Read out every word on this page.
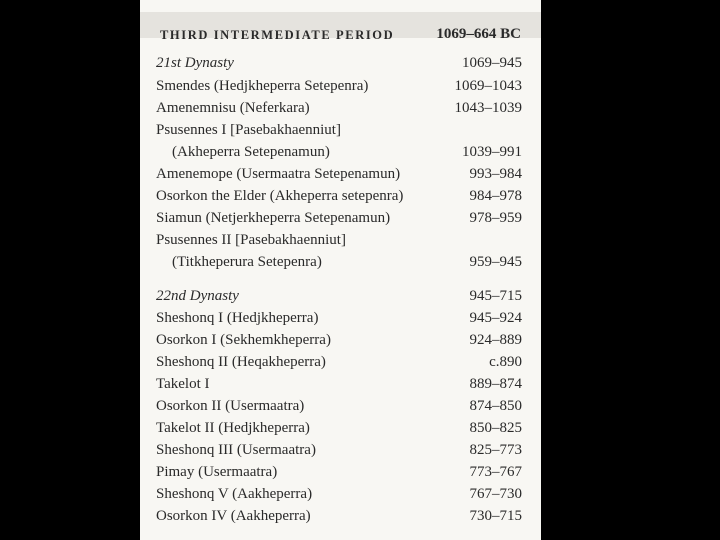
THIRD INTERMEDIATE PERIOD	1069–664 BC
21st Dynasty	1069–945
Smendes (Hedjkheperra Setepenra)	1069–1043
Amenemnisu (Neferkara)	1043–1039
Psusennes I [Pasebakhaenniut]
(Akheperra Setepenamun)	1039–991
Amenemope (Usermaatra Setepenamun)	993–984
Osorkon the Elder (Akheperra setepenra)	984–978
Siamun (Netjerkheperra Setepenamun)	978–959
Psusennes II [Pasebakhaenniut]
(Titkheperura Setepenra)	959–945
22nd Dynasty	945–715
Sheshonq I (Hedjkheperra)	945–924
Osorkon I (Sekhemkheperra)	924–889
Sheshonq II (Heqakheperra)	c.890
Takelot I	889–874
Osorkon II (Usermaatra)	874–850
Takelot II (Hedjkheperra)	850–825
Sheshonq III (Usermaatra)	825–773
Pimay (Usermaatra)	773–767
Sheshonq V (Aakheperra)	767–730
Osorkon IV (Aakheperra)	730–715
